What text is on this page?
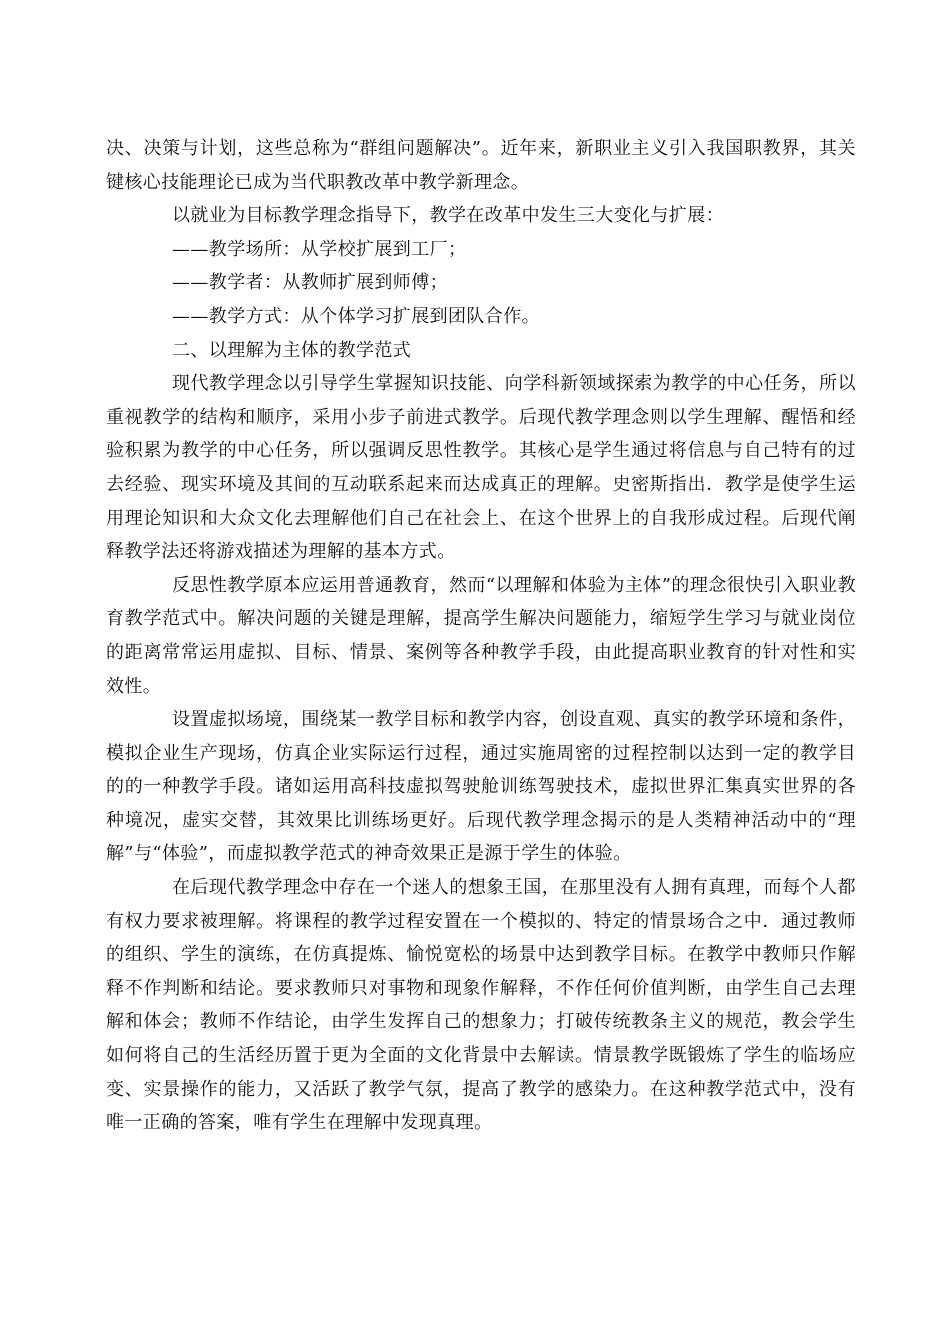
决、决策与计划，这些总称为“群组问题解决”。近年来，新职业主义引入我国职教界，其关键核心技能理论已成为当代职教改革中教学新理念。

以就业为目标教学理念指导下，教学在改革中发生三大变化与扩展：

——教学场所：从学校扩展到工厂；

——教学者：从教师扩展到师傅；

——教学方式：从个体学习扩展到团队合作。

二、以理解为主体的教学范式

现代教学理念以引导学生掌握知识技能、向学科新领域探索为教学的中心任务，所以重视教学的结构和顺序，采用小步子前进式教学。后现代教学理念则以学生理解、醒悟和经验积累为教学的中心任务，所以强调反思性教学。其核心是学生通过将信息与自己特有的过去经验、现实环境及其间的互动联系起来而达成真正的理解。史密斯指出．教学是使学生运用理论知识和大众文化去理解他们自己在社会上、在这个世界上的自我形成过程。后现代阐释教学法还将游戏描述为理解的基本方式。

反思性教学原本应运用普通教育，然而“以理解和体验为主体”的理念很快引入职业教育教学范式中。解决问题的关键是理解，提高学生解决问题能力，缩短学生学习与就业岗位的距离常常运用虚拟、目标、情景、案例等各种教学手段，由此提高职业教育的针对性和实效性。

设置虚拟场境，围绕某一教学目标和教学内容，创设直观、真实的教学环境和条件，模拟企业生产现场，仿真企业实际运行过程，通过实施周密的过程控制以达到一定的教学目的的一种教学手段。诸如运用高科技虚拟驾驶舱训练驾驶技术，虚拟世界汇集真实世界的各种境况，虚实交替，其效果比训练场更好。后现代教学理念揭示的是人类精神活动中的“理解”与“体验”，而虚拟教学范式的神奇效果正是源于学生的体验。

在后现代教学理念中存在一个迷人的想象王国，在那里没有人拥有真理，而每个人都有权力要求被理解。将课程的教学过程安置在一个模拟的、特定的情景场合之中．通过教师的组织、学生的演练，在仿真提炼、愉悦宽松的场景中达到教学目标。在教学中教师只作解释不作判断和结论。要求教师只对事物和现象作解释，不作任何价值判断，由学生自己去理解和体会；教师不作结论，由学生发挥自己的想象力；打破传统教条主义的规范，教会学生如何将自己的生活经历置于更为全面的文化背景中去解读。情景教学既锻炼了学生的临场应变、实景操作的能力，又活跃了教学气氛，提高了教学的感染力。在这种教学范式中，没有唯一正确的答案，唯有学生在理解中发现真理。
